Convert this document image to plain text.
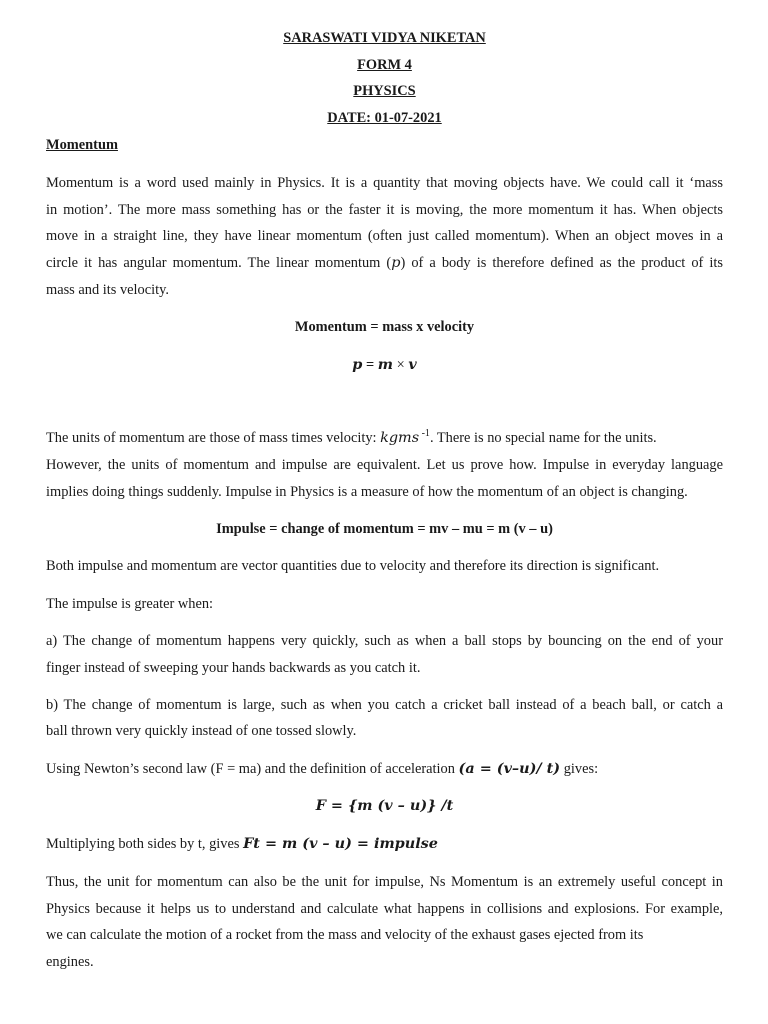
SARASWATI VIDYA NIKETAN
FORM 4
PHYSICS
DATE: 01-07-2021
Momentum
Momentum is a word used mainly in Physics. It is a quantity that moving objects have. We could call it ‘mass
in motion’. The more mass something has or the faster it is moving, the more momentum it has. When objects
move in a straight line, they have linear momentum (often just called momentum). When an object moves in a
circle it has angular momentum. The linear momentum (p) of a body is therefore defined as the product of its
mass and its velocity.
Momentum = mass x velocity
p = m × v
The units of momentum are those of mass times velocity: kgms $^{-1}$. There is no special name for the units.
However, the units of momentum and impulse are equivalent. Let us prove how. Impulse in everyday language
implies doing things suddenly. Impulse in Physics is a measure of how the momentum of an object is changing.
Impulse = change of momentum = mv – mu = m (v – u)
Both impulse and momentum are vector quantities due to velocity and therefore its direction is significant.
The impulse is greater when:
a) The change of momentum happens very quickly, such as when a ball stops by bouncing on the end of your
finger instead of sweeping your hands backwards as you catch it.
b) The change of momentum is large, such as when you catch a cricket ball instead of a beach ball, or catch a
ball thrown very quickly instead of one tossed slowly.
Using Newton’s second law (F = ma) and the definition of acceleration (a = (v–u)/ t) gives:
F = {m (v – u)} /t
Multiplying both sides by t, gives Ft = m (v – u) = impulse
Thus, the unit for momentum can also be the unit for impulse, Ns Momentum is an extremely useful concept in
Physics because it helps us to understand and calculate what happens in collisions and explosions. For example,
we can calculate the motion of a rocket from the mass and velocity of the exhaust gases ejected from its
engines.
